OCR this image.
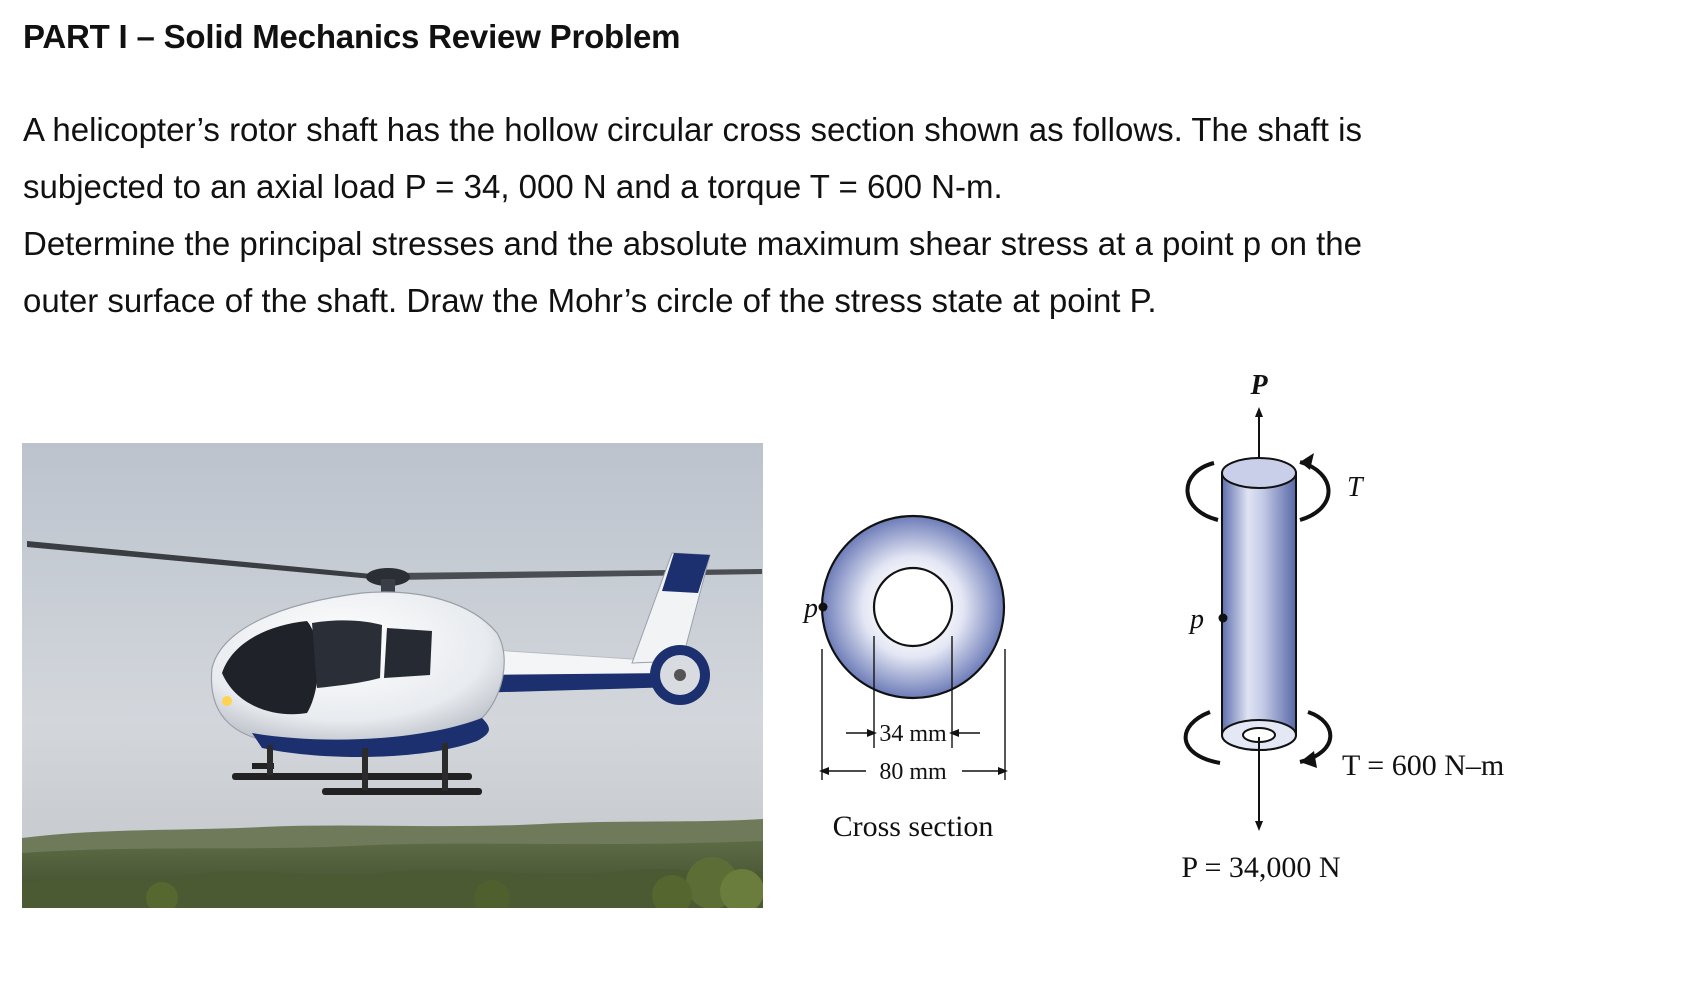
PART I – Solid Mechanics Review Problem

A helicopter’s rotor shaft has the hollow circular cross section shown as follows. The shaft is

subjected to an axial load P = 34, 000 N and a torque T = 600 N-m.

Determine the principal stresses and the absolute maximum shear stress at a point p on the

outer surface of the shaft. Draw the Mohr’s circle of the stress state at point P.

p
34 mm
80 mm
Cross section
P
T
p
T = 600 N–m
P = 34,000 N
